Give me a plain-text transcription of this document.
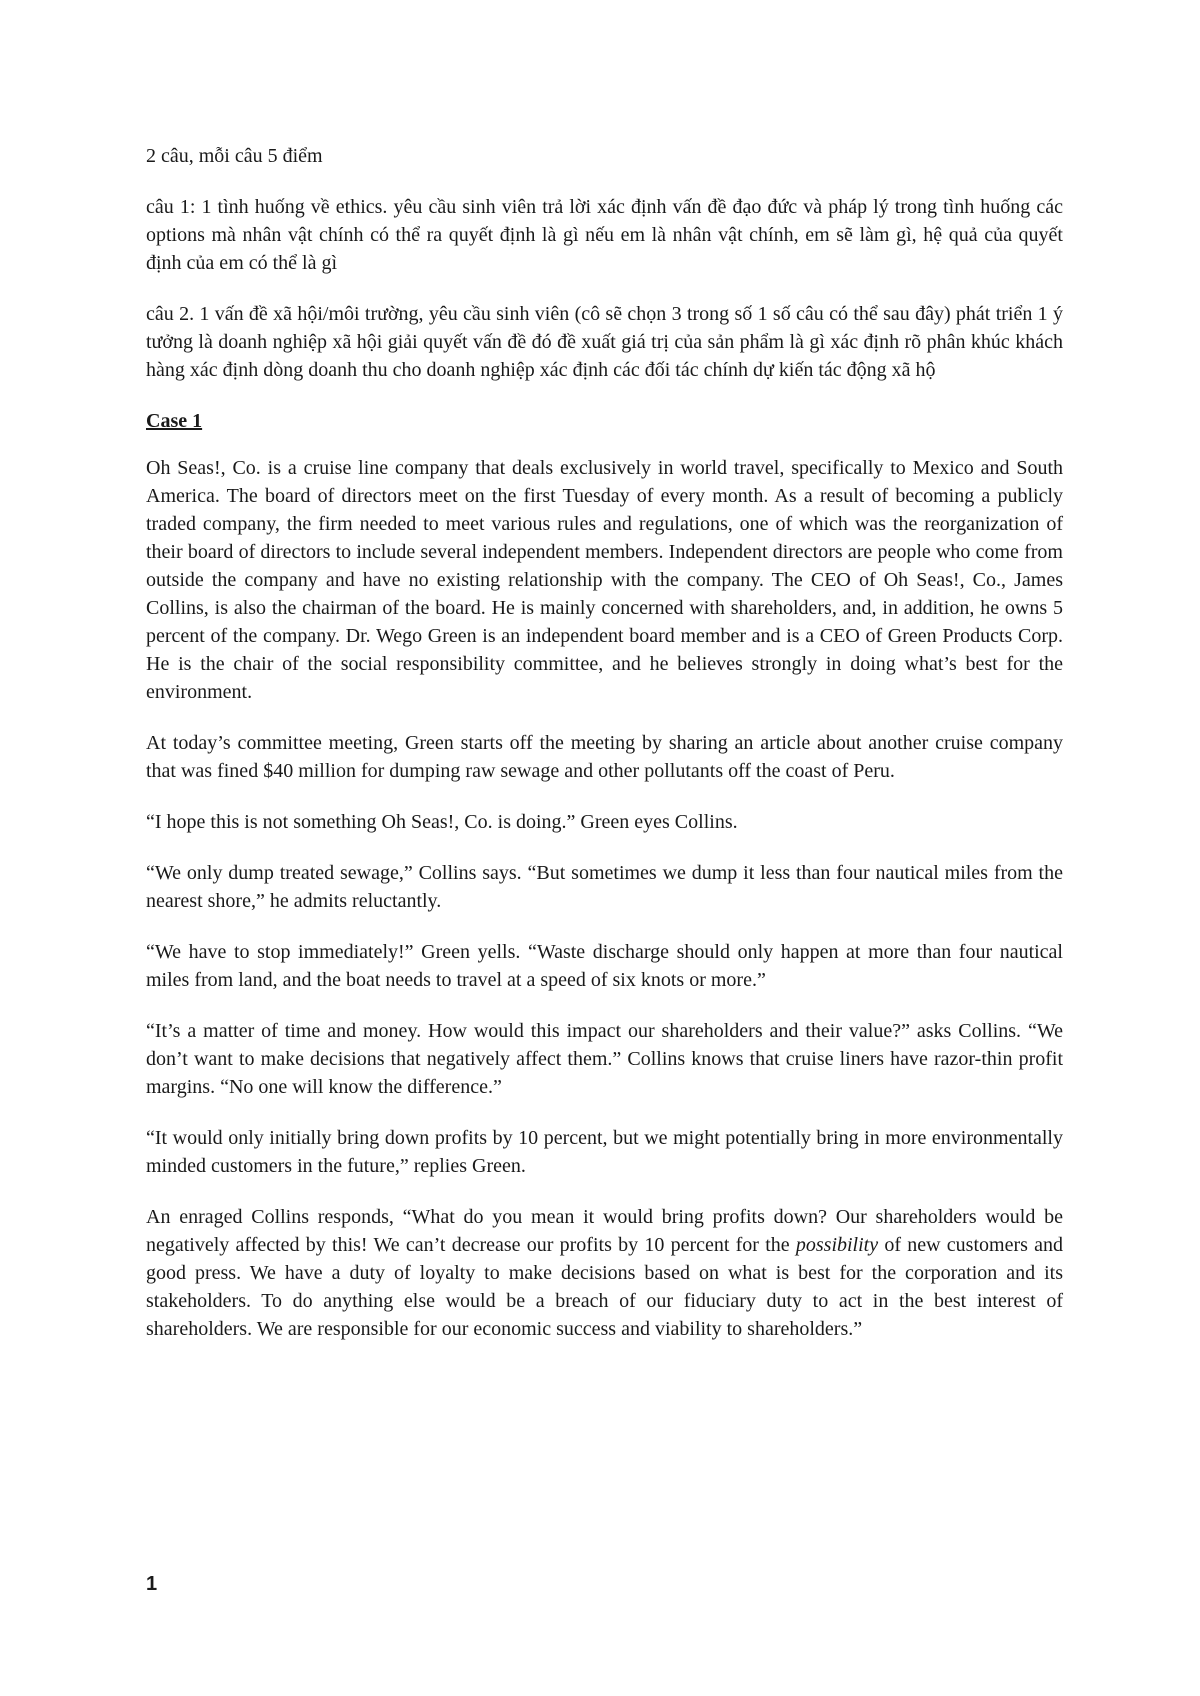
2 câu, mỗi câu 5 điểm

câu 1: 1 tình huống về ethics. yêu cầu sinh viên trả lời xác định vấn đề đạo đức và pháp lý trong tình huống các options mà nhân vật chính có thể ra quyết định là gì nếu em là nhân vật chính, em sẽ làm gì, hệ quả của quyết định của em có thể là gì

câu 2. 1 vấn đề xã hội/môi trường, yêu cầu sinh viên (cô sẽ chọn 3 trong số 1 số câu có thể sau đây) phát triển 1 ý tưởng là doanh nghiệp xã hội giải quyết vấn đề đó đề xuất giá trị của sản phẩm là gì xác định rõ phân khúc khách hàng xác định dòng doanh thu cho doanh nghiệp xác định các đối tác chính dự kiến tác động xã hộ

Case 1

Oh Seas!, Co. is a cruise line company that deals exclusively in world travel, specifically to Mexico and South America. The board of directors meet on the first Tuesday of every month. As a result of becoming a publicly traded company, the firm needed to meet various rules and regulations, one of which was the reorganization of their board of directors to include several independent members. Independent directors are people who come from outside the company and have no existing relationship with the company. The CEO of Oh Seas!, Co., James Collins, is also the chairman of the board. He is mainly concerned with shareholders, and, in addition, he owns 5 percent of the company. Dr. Wego Green is an independent board member and is a CEO of Green Products Corp. He is the chair of the social responsibility committee, and he believes strongly in doing what’s best for the environment.

At today’s committee meeting, Green starts off the meeting by sharing an article about another cruise company that was fined $40 million for dumping raw sewage and other pollutants off the coast of Peru.

“I hope this is not something Oh Seas!, Co. is doing.” Green eyes Collins.

“We only dump treated sewage,” Collins says. “But sometimes we dump it less than four nautical miles from the nearest shore,” he admits reluctantly.

“We have to stop immediately!” Green yells. “Waste discharge should only happen at more than four nautical miles from land, and the boat needs to travel at a speed of six knots or more.”

“It’s a matter of time and money. How would this impact our shareholders and their value?” asks Collins. “We don’t want to make decisions that negatively affect them.” Collins knows that cruise liners have razor-thin profit margins. “No one will know the difference.”

“It would only initially bring down profits by 10 percent, but we might potentially bring in more environmentally minded customers in the future,” replies Green.

An enraged Collins responds, “What do you mean it would bring profits down? Our shareholders would be negatively affected by this! We can’t decrease our profits by 10 percent for the possibility of new customers and good press. We have a duty of loyalty to make decisions based on what is best for the corporation and its stakeholders. To do anything else would be a breach of our fiduciary duty to act in the best interest of shareholders. We are responsible for our economic success and viability to shareholders.”

1
